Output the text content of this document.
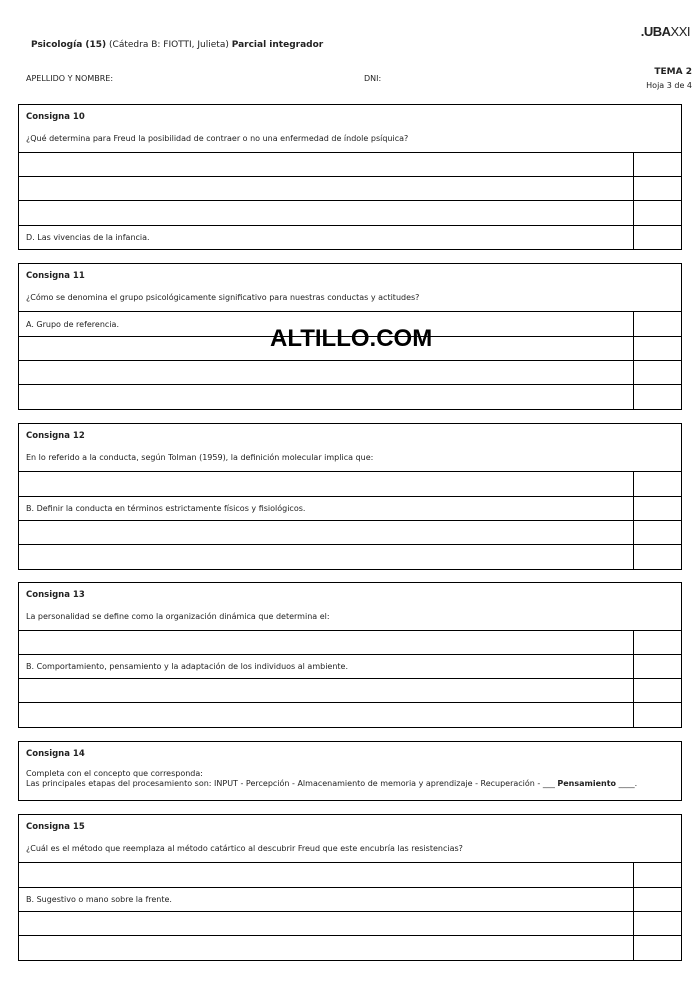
.UBAXXI
Psicología (15) (Cátedra B: FIOTTI, Julieta) Parcial integrador
APELLIDO Y NOMBRE:	DNI:
TEMA 2
Hoja 3 de 4
Consigna 10
¿Qué determina para Freud la posibilidad de contraer o no una enfermedad de índole psíquica?
D. Las vivencias de la infancia.
Consigna 11
¿Cómo se denomina el grupo psicológicamente significativo para nuestras conductas y actitudes?
A. Grupo de referencia.
Consigna 12
En lo referido a la conducta, según Tolman (1959), la definición molecular implica que:
B. Definir la conducta en términos estrictamente físicos y fisiológicos.
Consigna 13
La personalidad se define como la organización dinámica que determina el:
B. Comportamiento, pensamiento y la adaptación de los individuos al ambiente.
Consigna 14
Completa con el concepto que corresponda:
Las principales etapas del procesamiento son: INPUT - Percepción - Almacenamiento de memoria y aprendizaje - Recuperación - ___ Pensamiento ____.
Consigna 15
¿Cuál es el método que reemplaza al método catártico al descubrir Freud que este encubría las resistencias?
B. Sugestivo o mano sobre la frente.
ALTILLO.COM
